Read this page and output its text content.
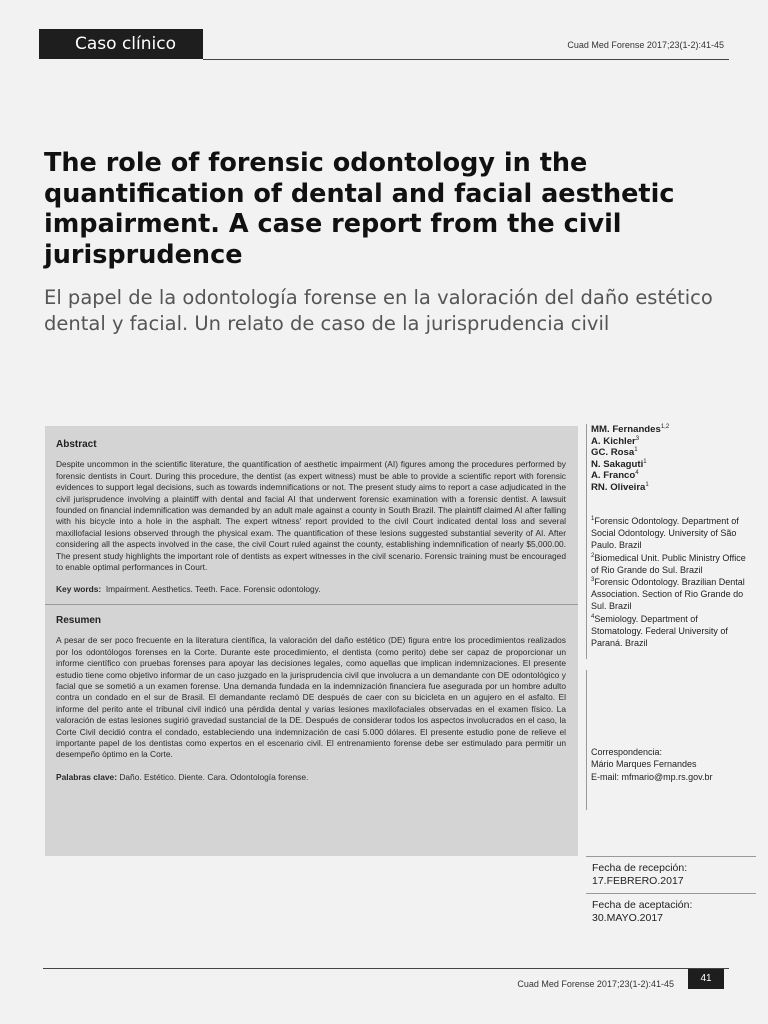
Caso clínico	Cuad Med Forense 2017;23(1-2):41-45
The role of forensic odontology in the quantification of dental and facial aesthetic impairment. A case report from the civil jurisprudence
El papel de la odontología forense en la valoración del daño estético dental y facial. Un relato de caso de la jurisprudencia civil
Abstract

Despite uncommon in the scientific literature, the quantification of aesthetic impairment (AI) figures among the procedures performed by forensic dentists in Court. During this procedure, the dentist (as expert witness) must be able to provide a scientific report with forensic evidences to support legal decisions, such as towards indemnifications or not. The present study aims to report a case adjudicated in the civil jurisprudence involving a plaintiff with dental and facial AI that underwent forensic examination with a forensic dentist. A lawsuit founded on financial indemnification was demanded by an adult male against a county in South Brazil. The plaintiff claimed AI after falling with his bicycle into a hole in the asphalt. The expert witness' report provided to the civil Court indicated dental loss and several maxillofacial lesions observed through the physical exam. The quantification of these lesions suggested substantial severity of AI. After considering all the aspects involved in the case, the civil Court ruled against the county, establishing indemnification of nearly $5,000.00. The present study highlights the important role of dentists as expert witnesses in the civil scenario. Forensic training must be encouraged to enable optimal performances in Court.

Key words: Impairment. Aesthetics. Teeth. Face. Forensic odontology.

Resumen

A pesar de ser poco frecuente en la literatura científica, la valoración del daño estético (DE) figura entre los procedimientos realizados por los odontólogos forenses en la Corte. Durante este procedimiento, el dentista (como perito) debe ser capaz de proporcionar un informe científico con pruebas forenses para apoyar las decisiones legales, como aquellas que implican indemnizaciones. El presente estudio tiene como objetivo informar de un caso juzgado en la jurisprudencia civil que involucra a un demandante con DE odontológico y facial que se sometió a un examen forense. Una demanda fundada en la indemnización financiera fue asegurada por un hombre adulto contra un condado en el sur de Brasil. El demandante reclamó DE después de caer con su bicicleta en un agujero en el asfalto. El informe del perito ante el tribunal civil indicó una pérdida dental y varias lesiones maxilofaciales observadas en el examen físico. La valoración de estas lesiones sugirió gravedad sustancial de la DE. Después de considerar todos los aspectos involucrados en el caso, la Corte Civil decidió contra el condado, estableciendo una indemnización de casi 5.000 dólares. El presente estudio pone de relieve el importante papel de los dentistas como expertos en el escenario civil. El entrenamiento forense debe ser estimulado para permitir un desempeño óptimo en la Corte.

Palabras clave: Daño. Estético. Diente. Cara. Odontología forense.

MM. Fernandes$^{1,2}$
A. Kichler$^3$
GC. Rosa$^1$
N. Sakaguti$^1$
A. Franco$^4$
RN. Oliveira$^1$

$^1$Forensic Odontology. Department of Social Odontology. University of São Paulo. Brazil

$^2$Biomedical Unit. Public Ministry Office of Rio Grande do Sul. Brazil

$^3$Forensic Odontology. Brazilian Dental Association. Section of Rio Grande do Sul. Brazil

$^4$Semiology. Department of Stomatology. Federal University of Paraná. Brazil

Correspondencia:

Mário Marques Fernandes

E-mail: mfmario@mp.rs.gov.br

Fecha de recepción:

17.FEBRERO.2017

Fecha de aceptación:

30.MAYO.2017

Cuad Med Forense 2017;23(1-2):41-45	41
